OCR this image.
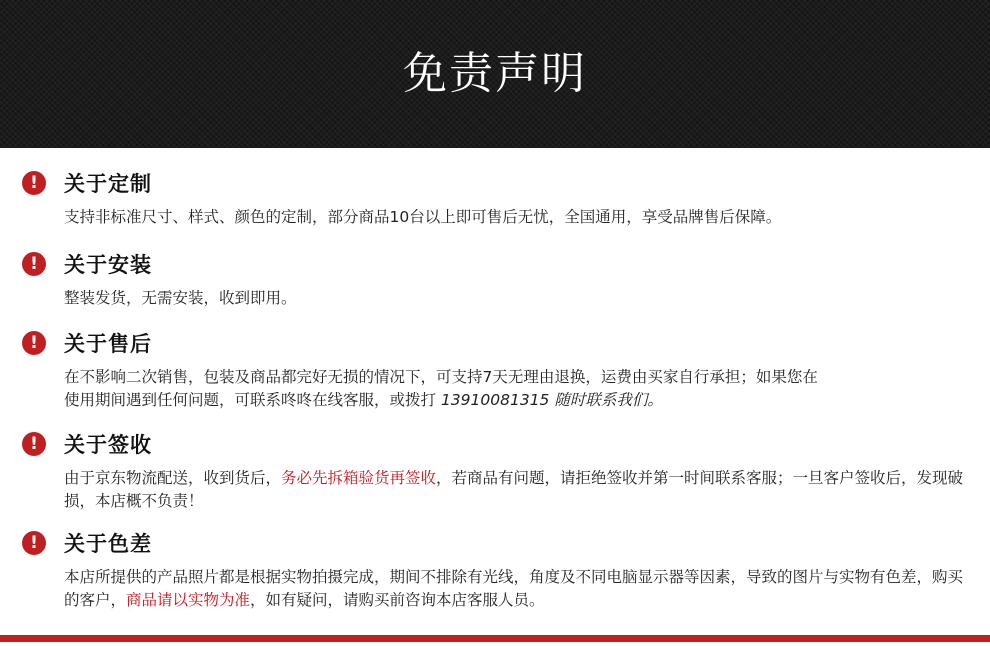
免责声明
!	关于定制
支持非标准尺寸、样式、颜色的定制，部分商品10台以上即可售后无忧，全国通用，享受品牌售后保障。
!	关于安装
整装发货，无需安装，收到即用。
!	关于售后
在不影响二次销售，包装及商品都完好无损的情况下，可支持7天无理由退换，运费由买家自行承担；如果您在
使用期间遇到任何问题，可联系咚咚在线客服，或拨打 13910081315 随时联系我们。
!	关于签收
由于京东物流配送，收到货后，务必先拆箱验货再签收，若商品有问题，请拒绝签收并第一时间联系客服；一旦客户签收后，发现破损，本店概不负责！
!	关于色差
本店所提供的产品照片都是根据实物拍摄完成，期间不排除有光线，角度及不同电脑显示器等因素，导致的图片与实物有色差，购买的客户，商品请以实物为准，如有疑问，请购买前咨询本店客服人员。
